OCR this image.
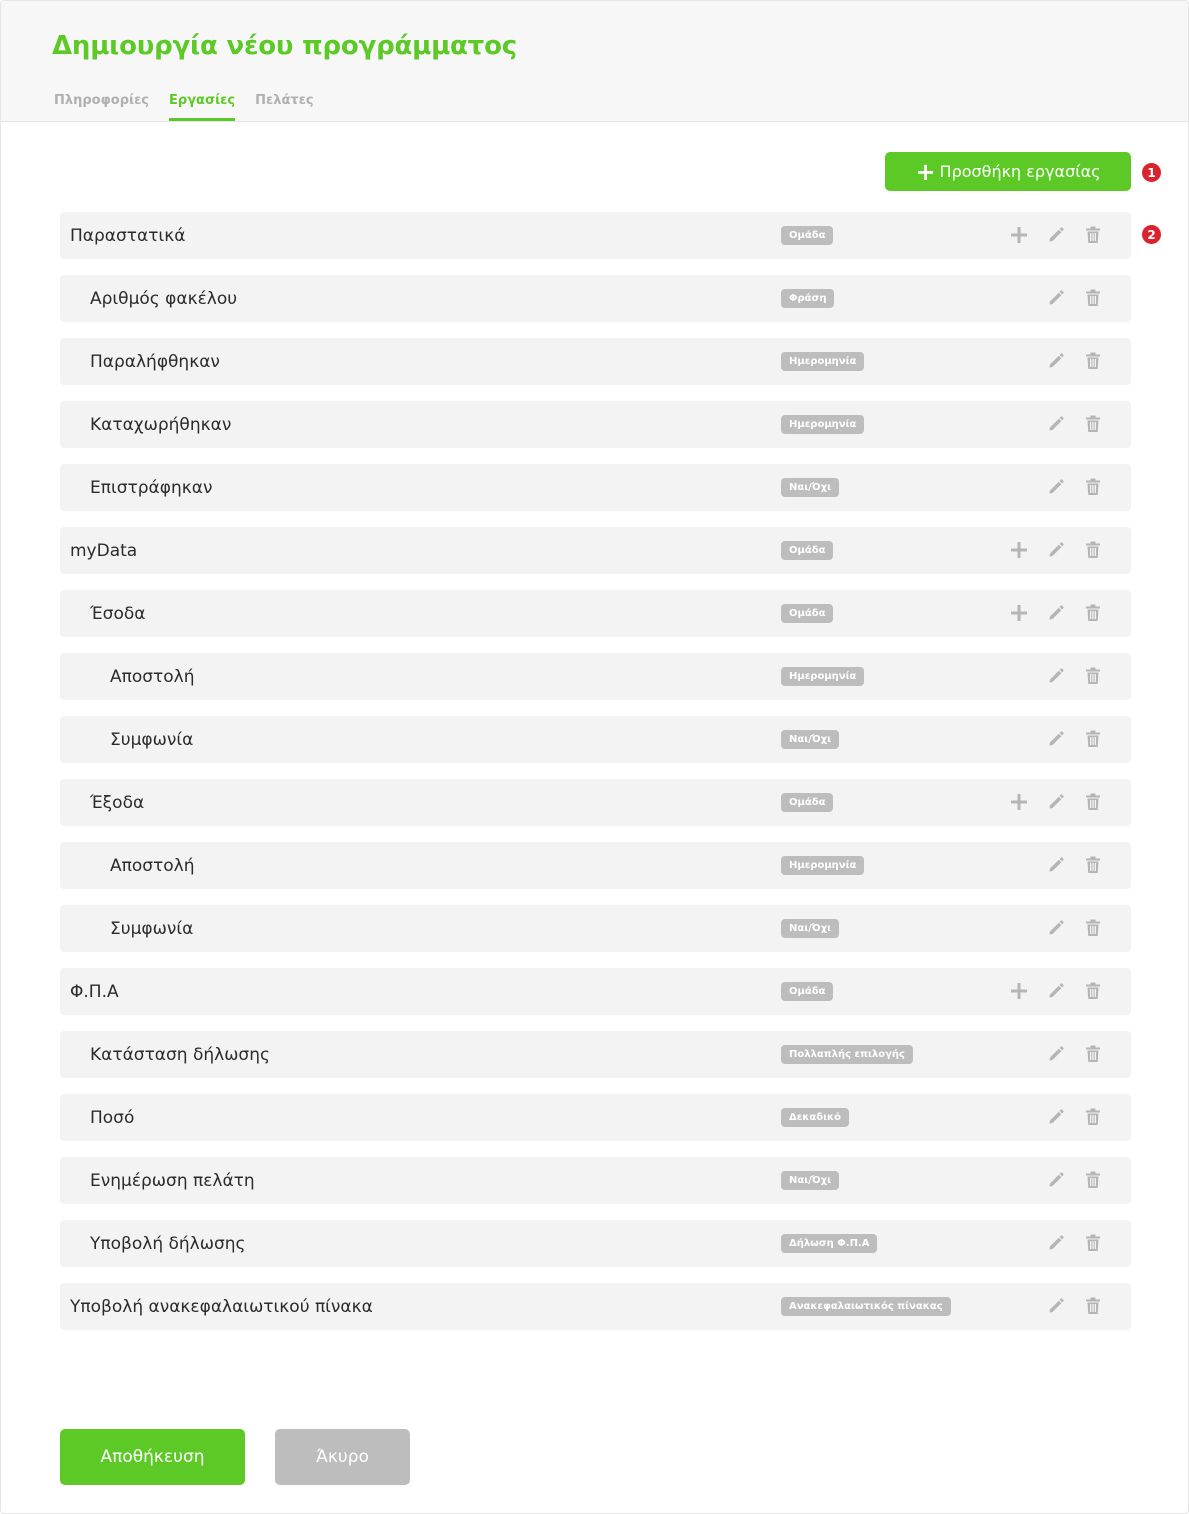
Δημιουργία νέου προγράμματος
Πληροφορίες Εργασίες Πελάτες
+ Προσθήκη εργασίας	1
2
Παραστατικά	Ομάδα
Αριθμός φακέλου	Φράση
Παραλήφθηκαν	Ημερομηνία
Καταχωρήθηκαν	Ημερομηνία
Επιστράφηκαν	Ναι/Όχι
myData	Ομάδα
Έσοδα	Ομάδα
Αποστολή	Ημερομηνία
Συμφωνία	Ναι/Όχι
Έξοδα	Ομάδα
Αποστολή	Ημερομηνία
Συμφωνία	Ναι/Όχι
Φ.Π.Α	Ομάδα
Κατάσταση δήλωσης	Πολλαπλής επιλογής
Ποσό	Δεκαδικό
Ενημέρωση πελάτη	Ναι/Όχι
Υποβολή δήλωσης	Δήλωση Φ.Π.Α
Υποβολή ανακεφαλαιωτικού πίνακα	Ανακεφαλαιωτικός πίνακας
Αποθήκευση	Άκυρο
